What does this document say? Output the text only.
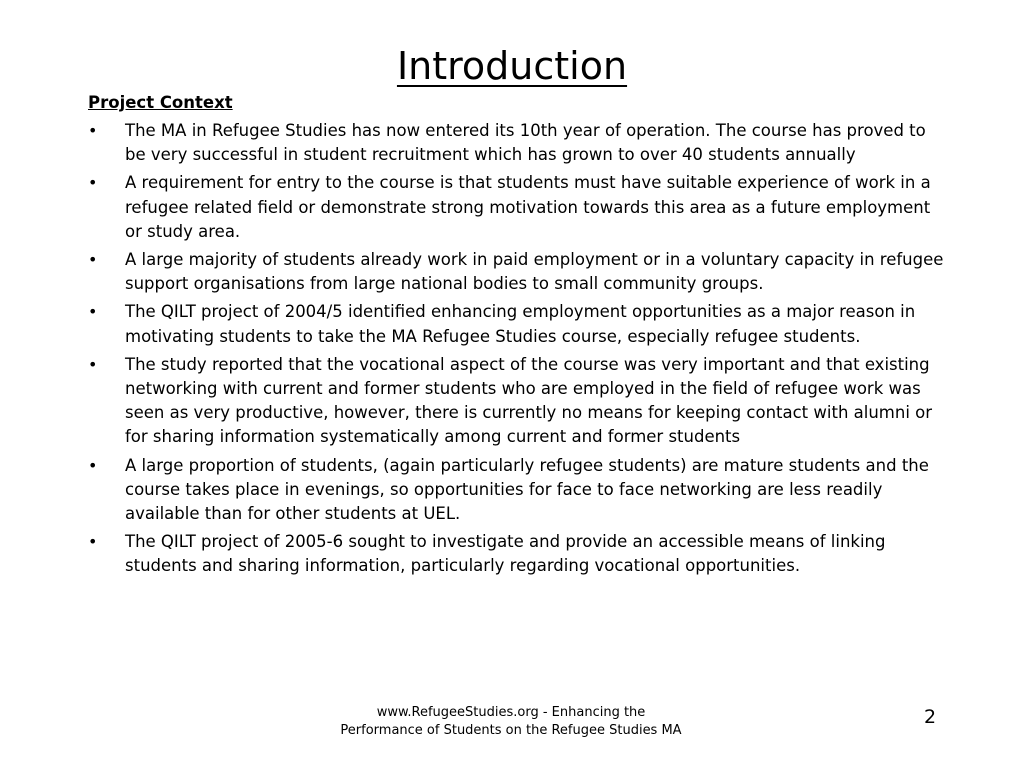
Introduction
Project Context
•	The MA in Refugee Studies has now entered its 10th year of operation. The course has proved to be very successful in student recruitment which has grown to over 40 students annually
•	A requirement for entry to the course is that students must have suitable experience of work in a refugee related field or demonstrate strong motivation towards this area as a future employment or study area.
•	A large majority of students already work in paid employment or in a voluntary capacity in refugee support organisations from large national bodies to small community groups.
•	The QILT project of 2004/5 identified enhancing employment opportunities as a major reason in motivating students to take the MA Refugee Studies course, especially refugee students.
•	The study reported that the vocational aspect of the course was very important and that existing networking with current and former students who are employed in the field of refugee work was seen as very productive, however, there is currently no means for keeping contact with alumni or for sharing information systematically among current and former students
•	A large proportion of students, (again particularly refugee students) are mature students and the course takes place in evenings, so opportunities for face to face networking are less readily available than for other students at UEL.
•	The QILT project of 2005-6 sought to investigate and provide an accessible means of linking students and sharing information, particularly regarding vocational opportunities.
www.RefugeeStudies.org - Enhancing the Performance of Students on the Refugee Studies MA
2
